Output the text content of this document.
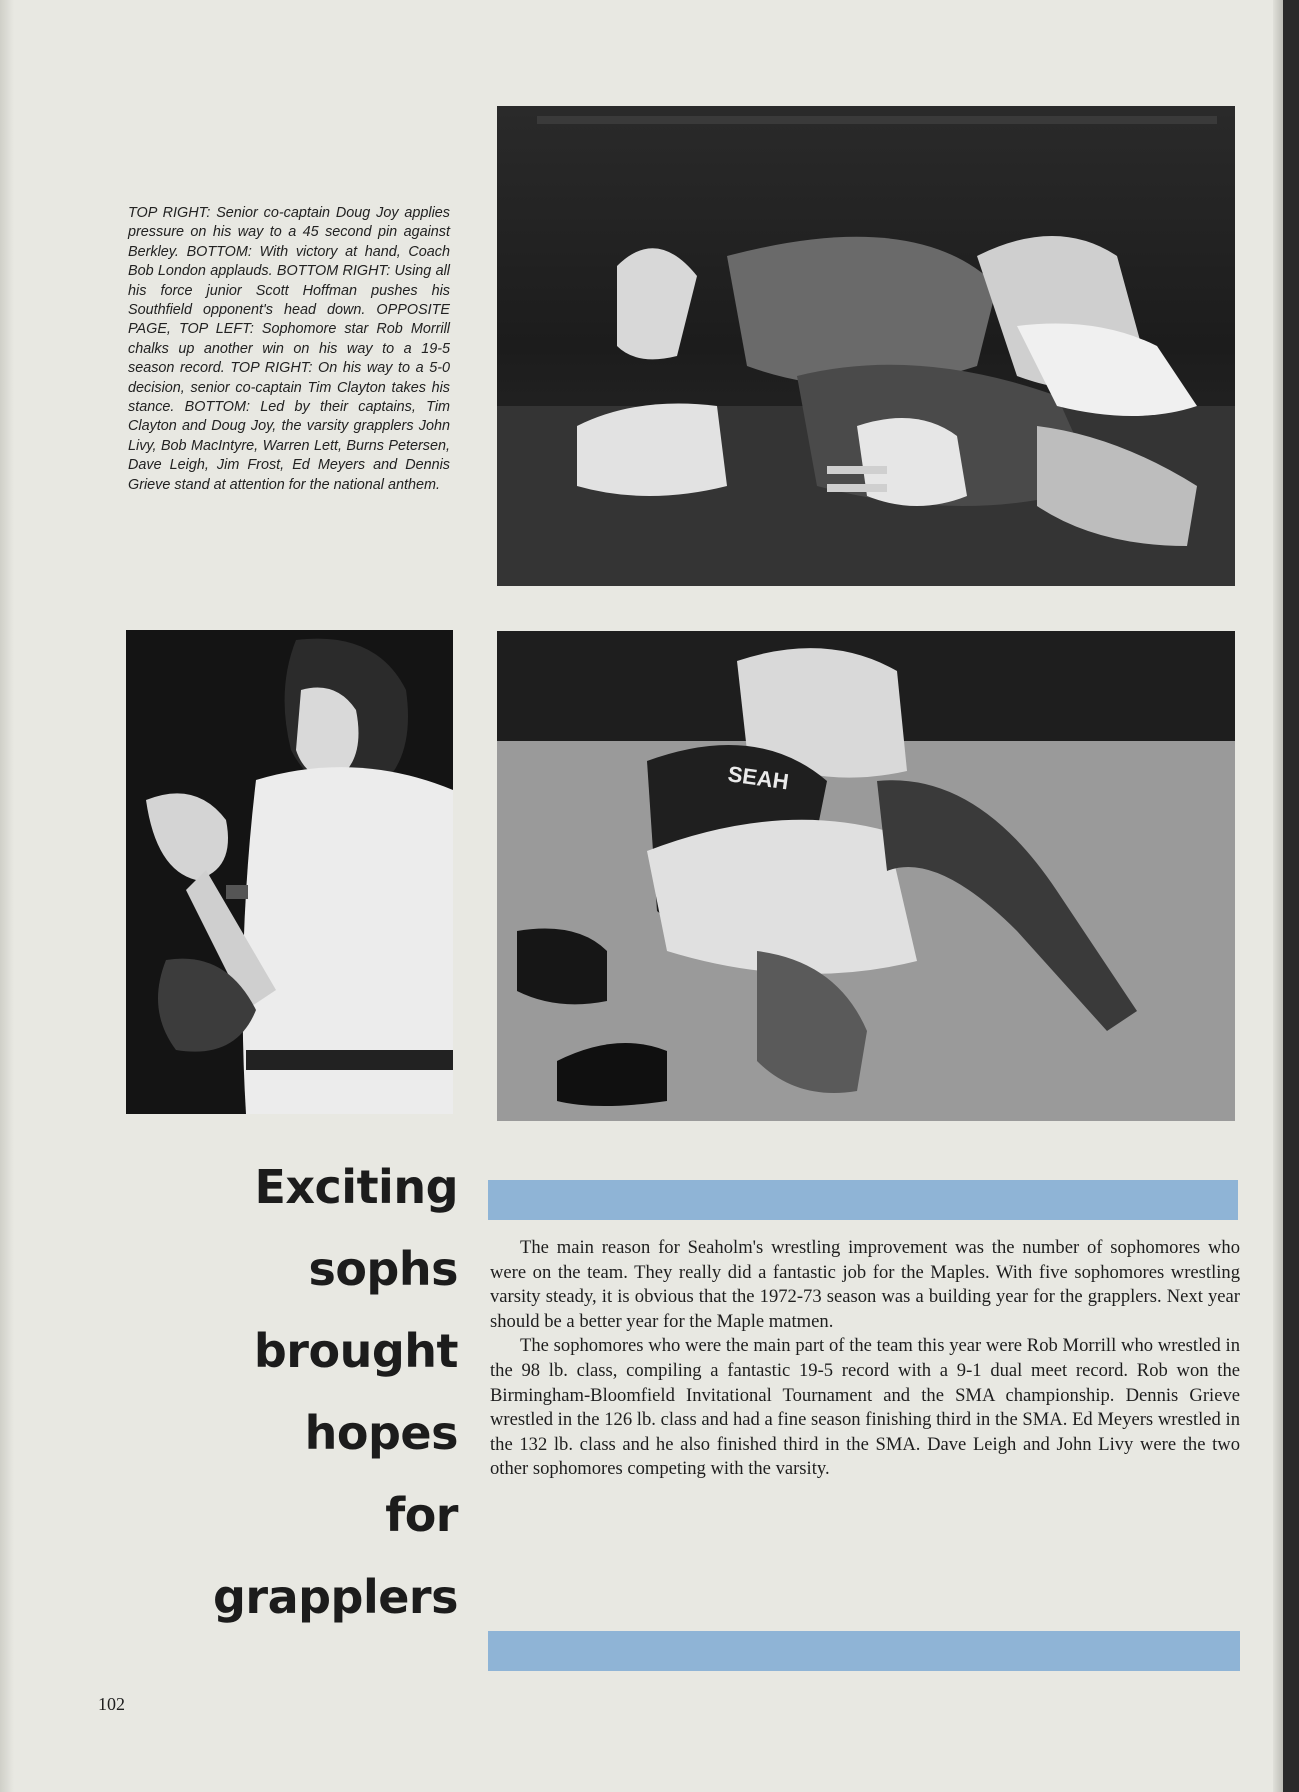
TOP RIGHT: Senior co-captain Doug Joy applies pressure on his way to a 45 second pin against Berkley. BOTTOM: With victory at hand, Coach Bob London applauds. BOTTOM RIGHT: Using all his force junior Scott Hoffman pushes his Southfield opponent's head down. OPPOSITE PAGE, TOP LEFT: Sophomore star Rob Morrill chalks up another win on his way to a 19-5 season record. TOP RIGHT: On his way to a 5-0 decision, senior co-captain Tim Clayton takes his stance. BOTTOM: Led by their captains, Tim Clayton and Doug Joy, the varsity grapplers John Livy, Bob MacIntyre, Warren Lett, Burns Petersen, Dave Leigh, Jim Frost, Ed Meyers and Dennis Grieve stand at attention for the national anthem.
SEAH
Exciting sophs
brought hopes
for grapplers

The main reason for Seaholm's wrestling improvement was the number of sophomores who were on the team. They really did a fantastic job for the Maples. With five sophomores wrestling varsity steady, it is obvious that the 1972-73 season was a building year for the grapplers. Next year should be a better year for the Maple matmen.

The sophomores who were the main part of the team this year were Rob Morrill who wrestled in the 98 lb. class, compiling a fantastic 19-5 record with a 9-1 dual meet record. Rob won the Birmingham-Bloomfield Invitational Tournament and the SMA championship. Dennis Grieve wrestled in the 126 lb. class and had a fine season finishing third in the SMA. Ed Meyers wrestled in the 132 lb. class and he also finished third in the SMA. Dave Leigh and John Livy were the two other sophomores competing with the varsity.

102
